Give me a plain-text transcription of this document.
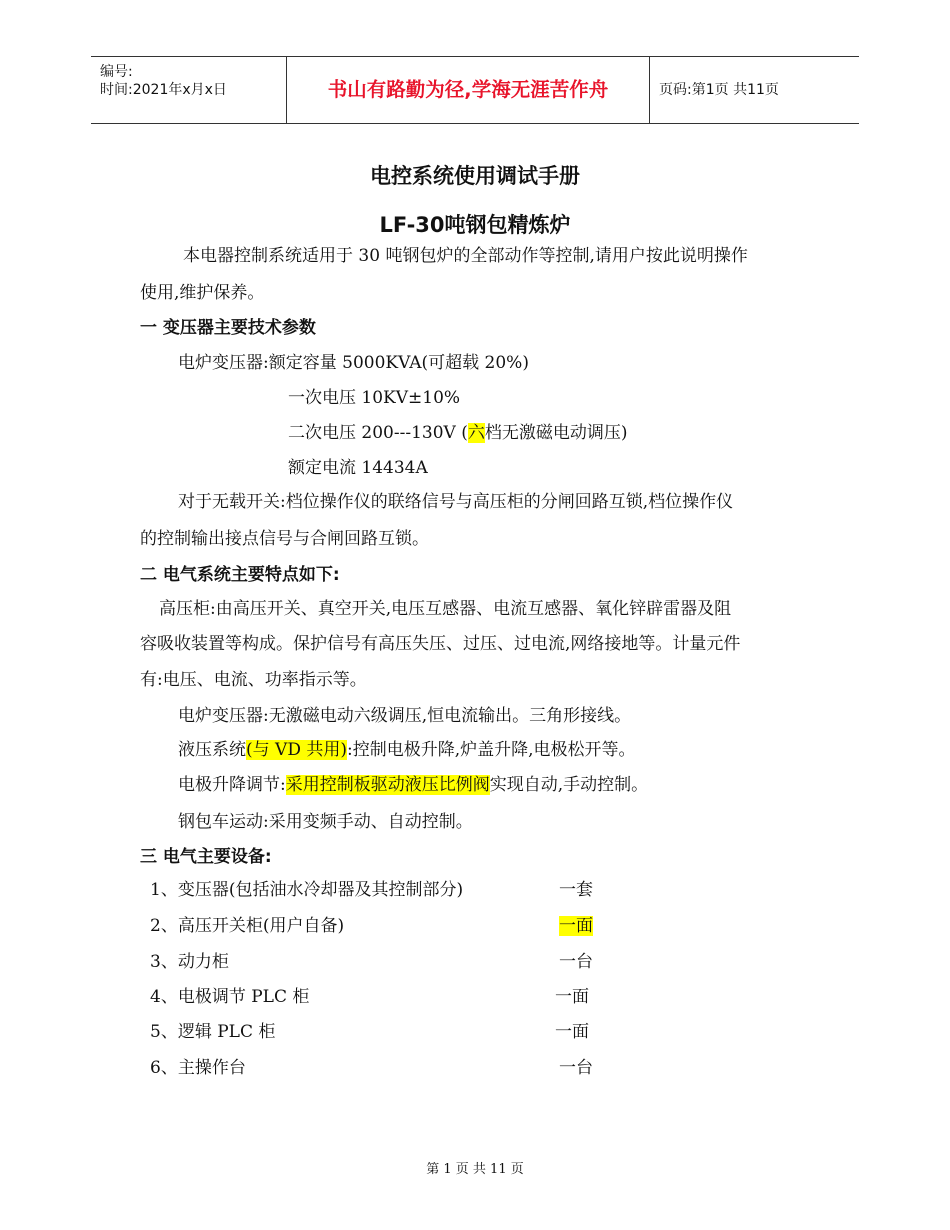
编号:
时间:2021年x月x日	书山有路勤为径,学海无涯苦作舟	页码:第1页 共11页
电控系统使用调试手册
LF-30吨钢包精炼炉
本电器控制系统适用于 30 吨钢包炉的全部动作等控制,请用户按此说明操作
使用,维护保养。
一 变压器主要技术参数
电炉变压器:额定容量 5000KVA(可超载 20%)
一次电压 10KV±10%
二次电压 200---130V (六档无激磁电动调压)
额定电流 14434A
对于无载开关:档位操作仪的联络信号与高压柜的分闸回路互锁,档位操作仪
的控制输出接点信号与合闸回路互锁。
二 电气系统主要特点如下:
高压柜:由高压开关、真空开关,电压互感器、电流互感器、氧化锌辟雷器及阻
容吸收装置等构成。保护信号有高压失压、过压、过电流,网络接地等。计量元件
有:电压、电流、功率指示等。
电炉变压器:无激磁电动六级调压,恒电流输出。三角形接线。
液压系统(与 VD 共用):控制电极升降,炉盖升降,电极松开等。
电极升降调节:采用控制板驱动液压比例阀实现自动,手动控制。
钢包车运动:采用变频手动、自动控制。
三 电气主要设备:
1、变压器(包括油水冷却器及其控制部分)	一套
2、高压开关柜(用户自备)	一面
3、动力柜	一台
4、电极调节 PLC 柜	一面
5、逻辑 PLC 柜	一面
6、主操作台	一台
第 1 页 共 11 页
